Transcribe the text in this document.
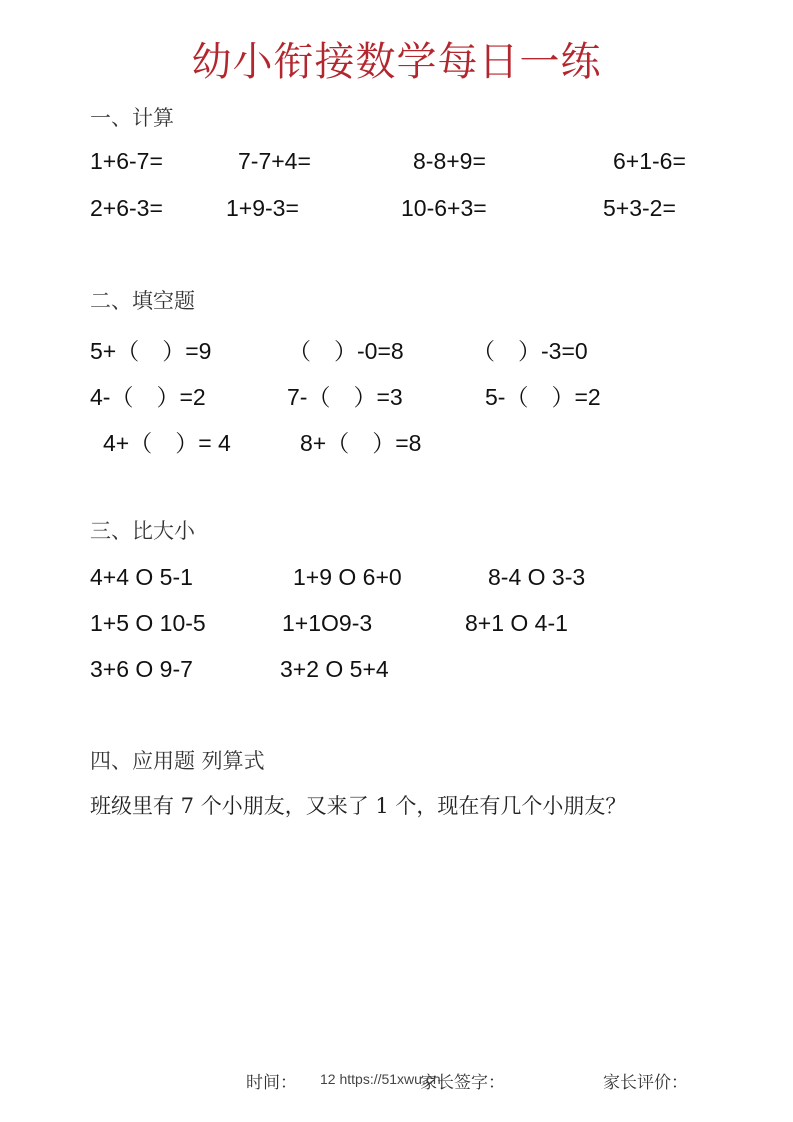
幼小衔接数学每日一练
一、计算
1+6-7=	7-7+4=	8-8+9=	6+1-6=
2+6-3=	1+9-3=	10-6+3=	5+3-2=
二、填空题
5+（　）=9	（　）-0=8	（　）-3=0
4-（　）=2	7-（　）=3	5-（　）=2
4+（　）= 4	8+（　）=8
三、比大小
4+4 O 5-1	1+9 O 6+0	8-4 O 3-3
1+5 O 10-5	1+1O9-3	8+1 O 4-1
3+6 O 9-7	3+2 O 5+4
四、应用题 列算式
班级里有 7 个小朋友，又来了 1 个，现在有几个小朋友？
时间： 12 https://51xwu.cn
家长签字：	家长评价：
